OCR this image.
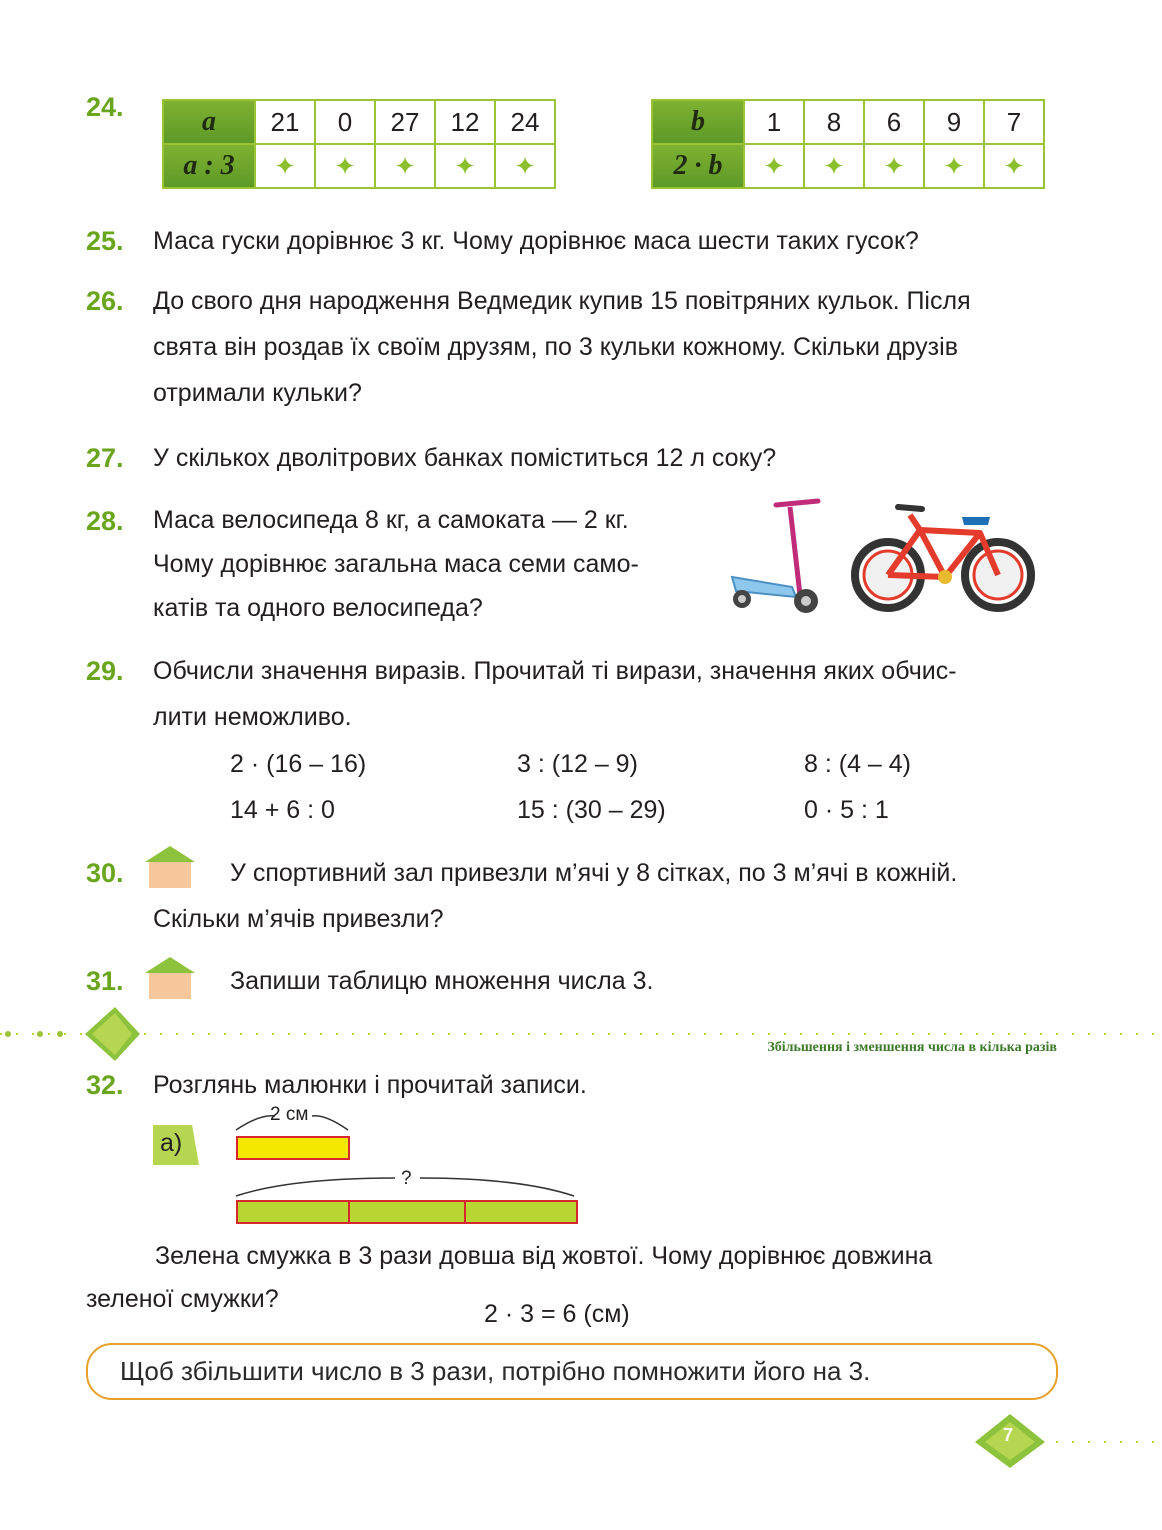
24.	a	21	0	27	12	24
a : 3	✦	✦	✦	✦	✦
b	1	8	6	9	7
2 · b	✦	✦	✦	✦	✦
25. Маса гуски дорівнює 3 кг. Чому дорівнює маса шести таких гусок?
26. До свого дня народження Ведмедик купив 15 повітряних кульок. Після
свята він роздав їх своїм друзям, по 3 кульки кожному. Скільки друзів
отримали кульки?
27. У скількох дволітрових банках поміститься 12 л соку?
28. Маса велосипеда 8 кг, а самоката — 2 кг.
Чому дорівнює загальна маса семи само-
катів та одного велосипеда?
29. Обчисли значення виразів. Прочитай ті вирази, значення яких обчис-
лити неможливо.
2 · (16 – 16)	3 : (12 – 9)	8 : (4 – 4)
14 + 6 : 0	15 : (30 – 29)	0 · 5 : 1
30.	У спортивний зал привезли м’ячі у 8 сітках, по 3 м’ячі в кожній.
Скільки м’ячів привезли?
31.	Запиши таблицю множення числа 3.
Збільшення і зменшення числа в кілька разів
32. Розглянь малюнки і прочитай записи.
а)
2 см
?
Зелена смужка в 3 рази довша від жовтої. Чому дорівнює довжина
зеленої смужки?
2 · 3 = 6 (см)
Щоб збільшити число в 3 рази, потрібно помножити його на 3.
7
